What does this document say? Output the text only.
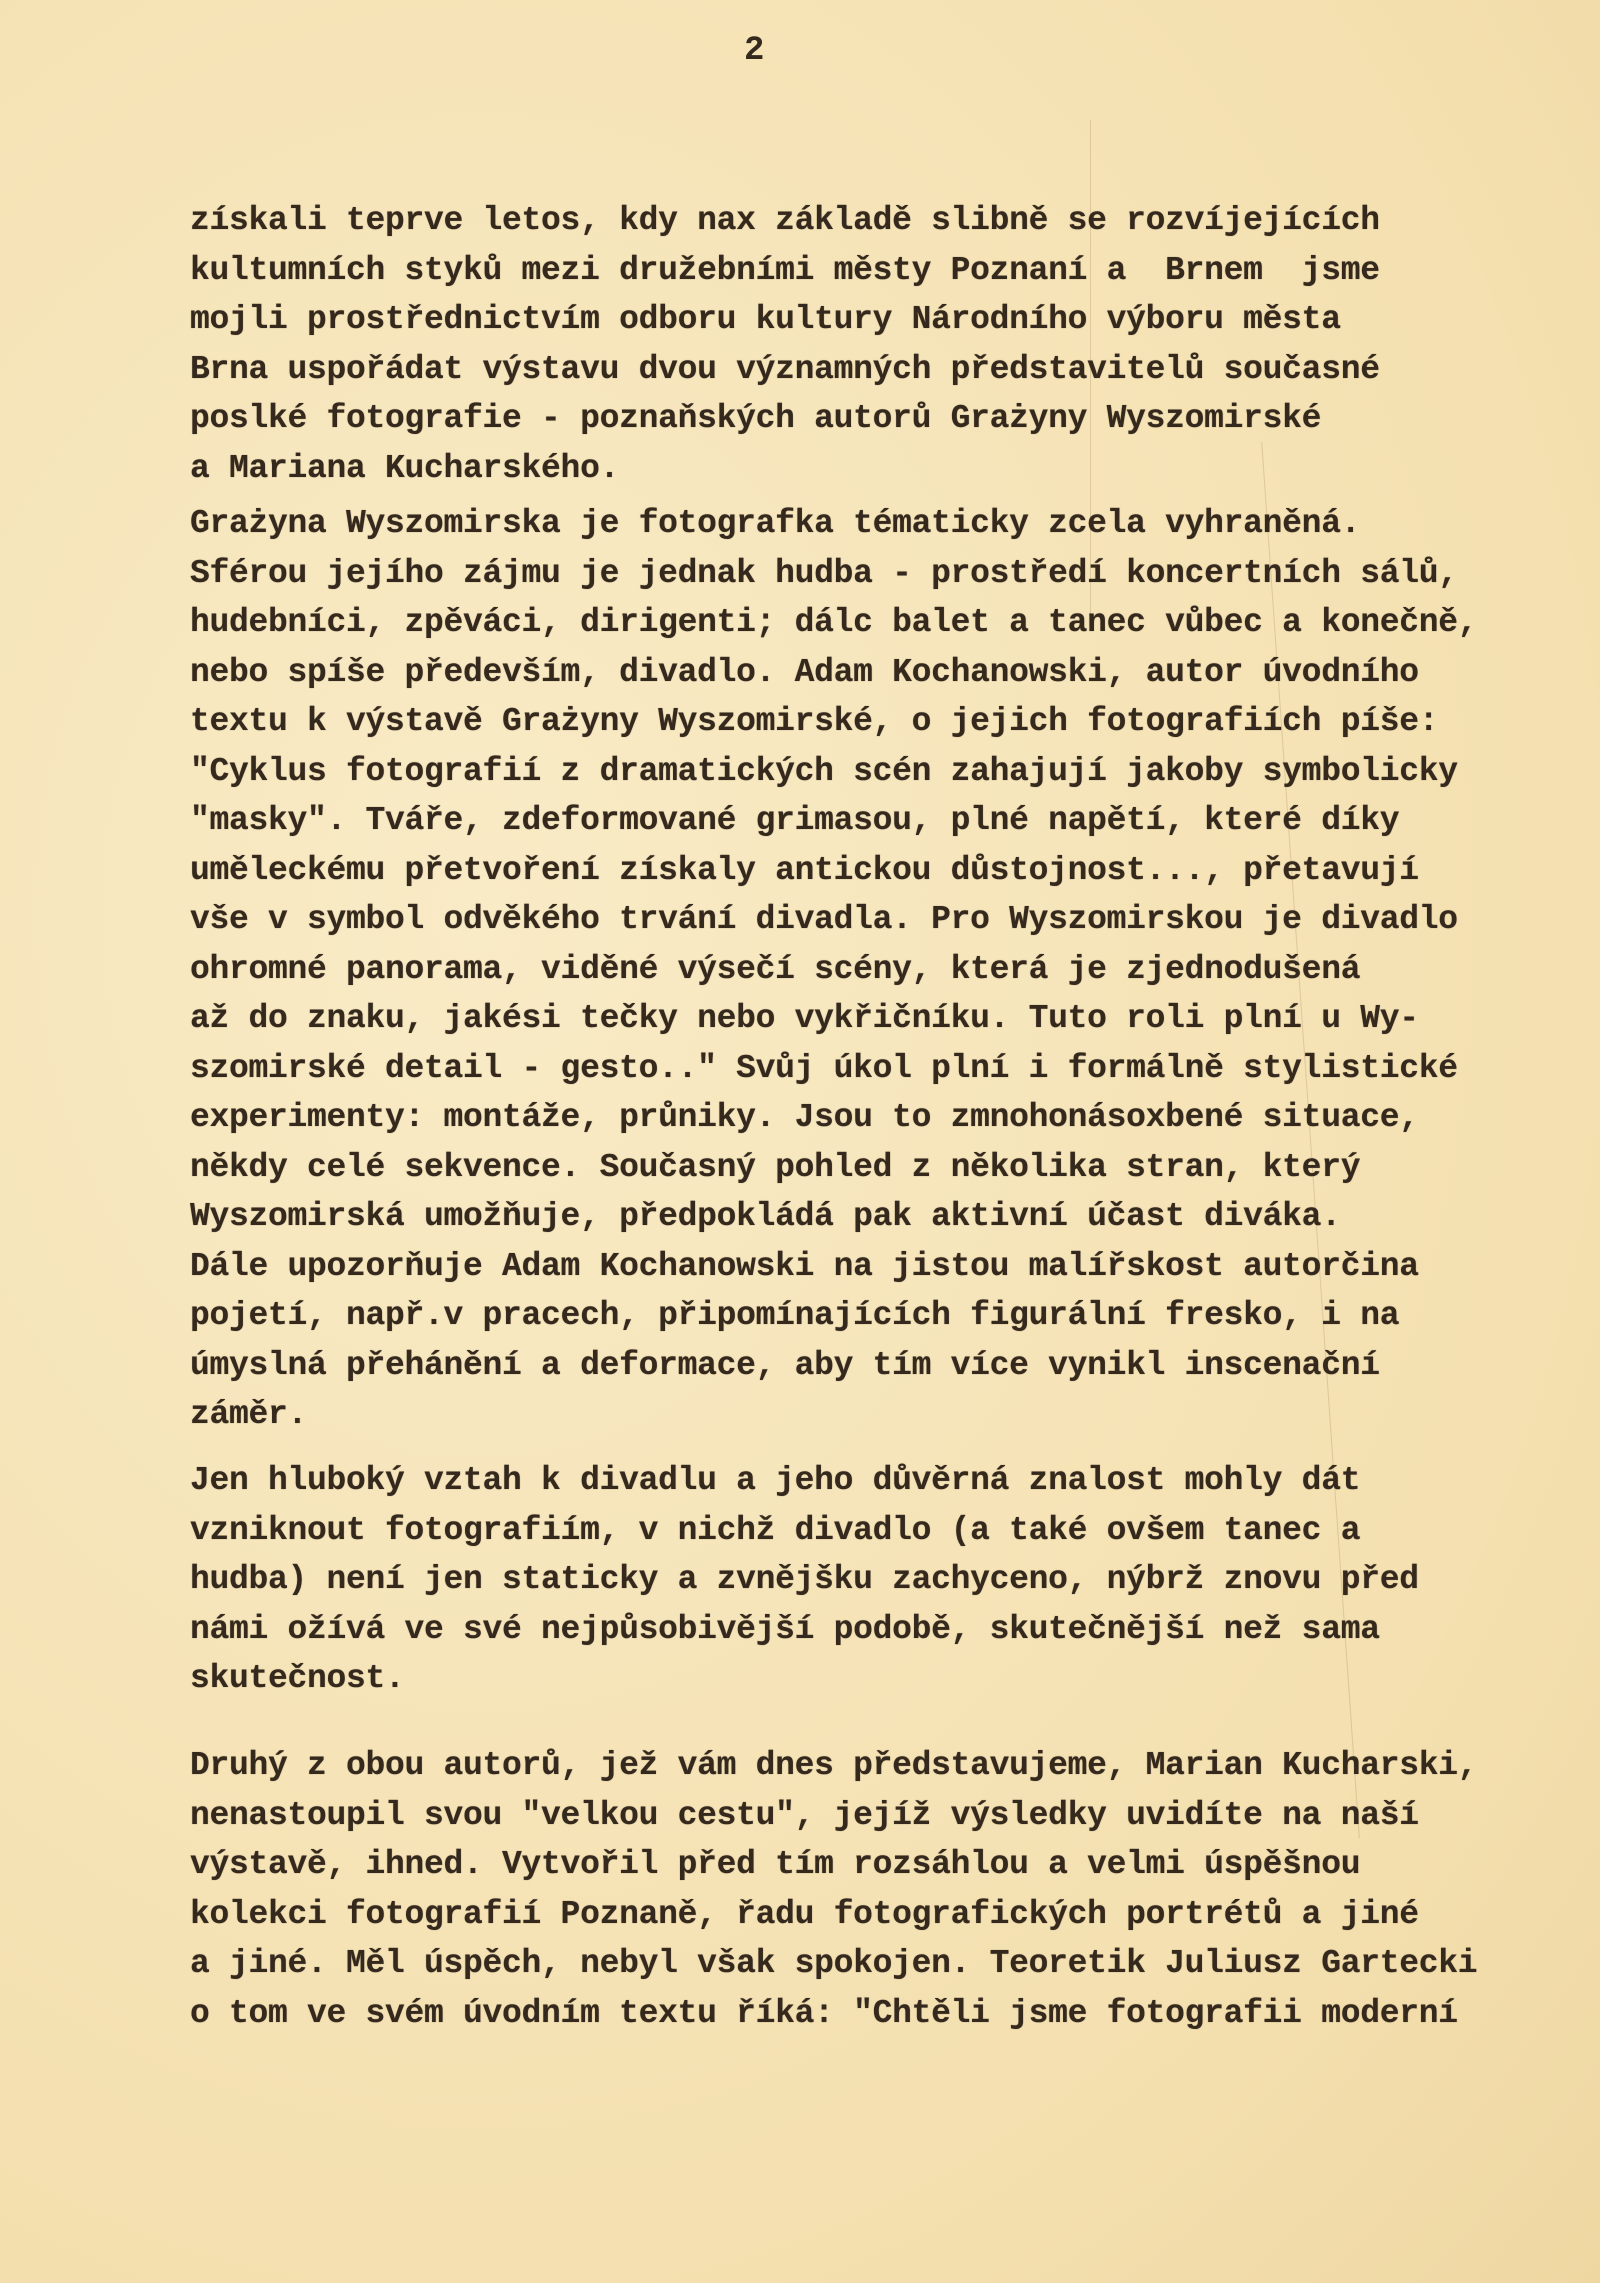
2
získali teprve letos, kdy nax základě slibně se rozvíjejících
kultumních styků mezi družebními městy Poznaní a  Brnem  jsme
mojli prostřednictvím odboru kultury Národního výboru města
Brna uspořádat výstavu dvou významných představitelů současné
poslké fotografie - poznaňských autorů Grażyny Wyszomirské
a Mariana Kucharského.
Grażyna Wyszomirska je fotografka tématicky zcela vyhraněná.
Sférou jejího zájmu je jednak hudba - prostředí koncertních sálů,
hudebníci, zpěváci, dirigenti; dálc balet a tanec vůbec a konečně,
nebo spíše především, divadlo. Adam Kochanowski, autor úvodního
textu k výstavě Grażyny Wyszomirské, o jejich fotografiích píše:
"Cyklus fotografií z dramatických scén zahajují jakoby symbolicky
"masky". Tváře, zdeformované grimasou, plné napětí, které díky
uměleckému přetvoření získaly antickou důstojnost..., přetavují
vše v symbol odvěkého trvání divadla. Pro Wyszomirskou je divadlo
ohromné panorama, viděné výsečí scény, která je zjednodušená
až do znaku, jakési tečky nebo vykřičníku. Tuto roli plní u Wy-
szomirské detail - gesto.." Svůj úkol plní i formálně stylistické
experimenty: montáže, průniky. Jsou to zmnohonásoxbené situace,
někdy celé sekvence. Současný pohled z několika stran, který
Wyszomirská umožňuje, předpokládá pak aktivní účast diváka.
Dále upozorňuje Adam Kochanowski na jistou malířskost autorčina
pojetí, např.v pracech, připomínajících figurální fresko, i na
úmyslná přehánění a deformace, aby tím více vynikl inscenační
záměr.
Jen hluboký vztah k divadlu a jeho důvěrná znalost mohly dát
vzniknout fotografiím, v nichž divadlo (a také ovšem tanec a
hudba) není jen staticky a zvnějšku zachyceno, nýbrž znovu před
námi ožívá ve své nejpůsobivější podobě, skutečnější než sama
skutečnost.
Druhý z obou autorů, jež vám dnes představujeme, Marian Kucharski,
nenastoupil svou "velkou cestu", jejíž výsledky uvidíte na naší
výstavě, ihned. Vytvořil před tím rozsáhlou a velmi úspěšnou
kolekci fotografií Poznaně, řadu fotografických portrétů a jiné
a jiné. Měl úspěch, nebyl však spokojen. Teoretik Juliusz Gartecki
o tom ve svém úvodním textu říká: "Chtěli jsme fotografii moderní
